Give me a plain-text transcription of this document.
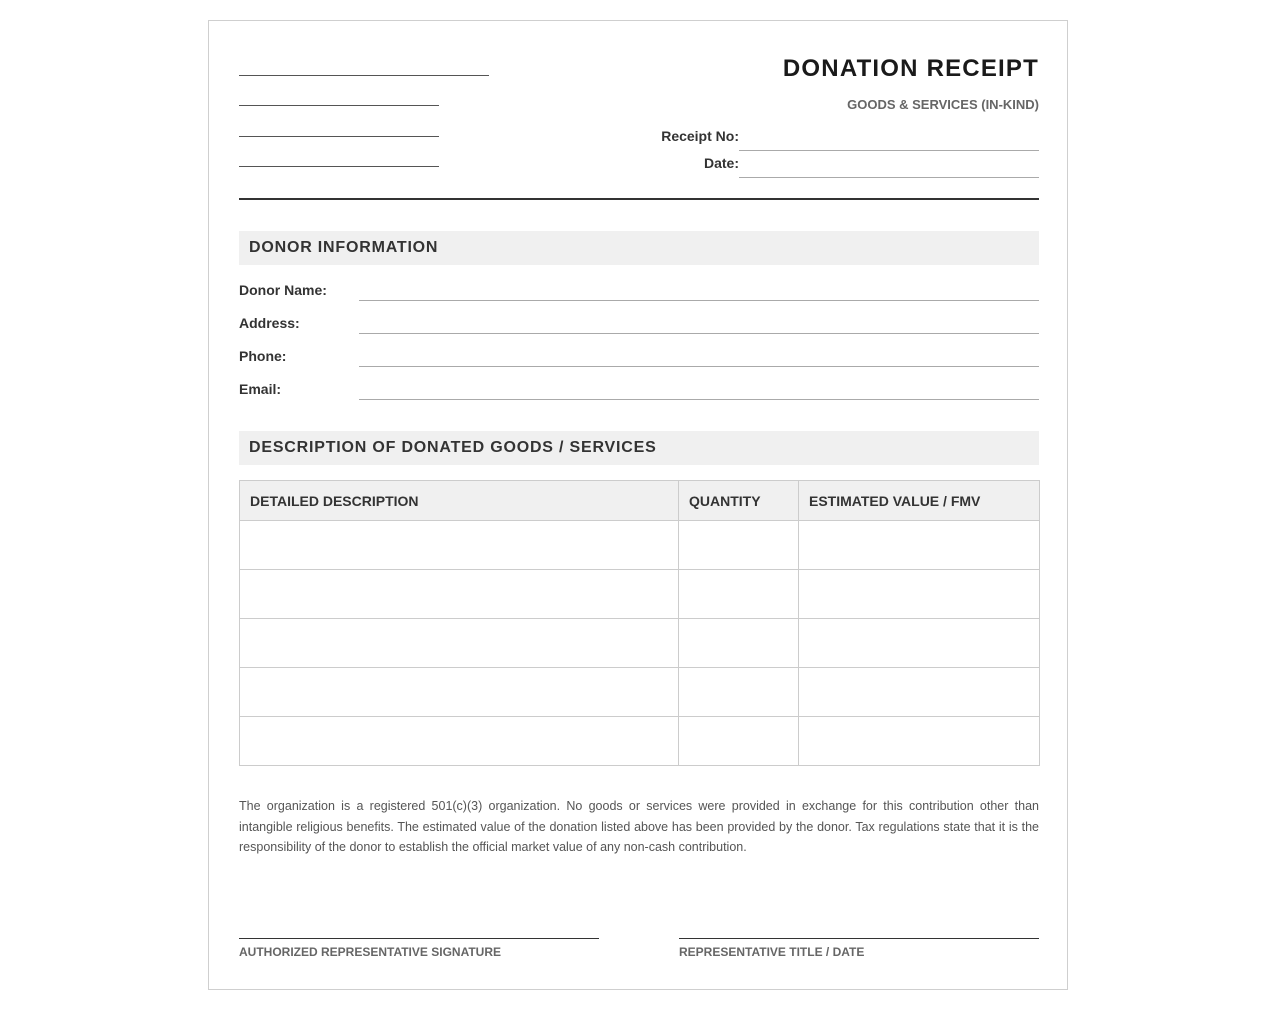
DONATION RECEIPT
GOODS & SERVICES (IN-KIND)
Receipt No:
Date:
DONOR INFORMATION
Donor Name:
Address:
Phone:
Email:
DESCRIPTION OF DONATED GOODS / SERVICES
DETAILED DESCRIPTION	QUANTITY	ESTIMATED VALUE / FMV

The organization is a registered 501(c)(3) organization. No goods or services were provided in exchange for this contribution other than intangible religious benefits. The estimated value of the donation listed above has been provided by the donor. Tax regulations state that it is the responsibility of the donor to establish the official market value of any non-cash contribution.
AUTHORIZED REPRESENTATIVE SIGNATURE	REPRESENTATIVE TITLE / DATE
